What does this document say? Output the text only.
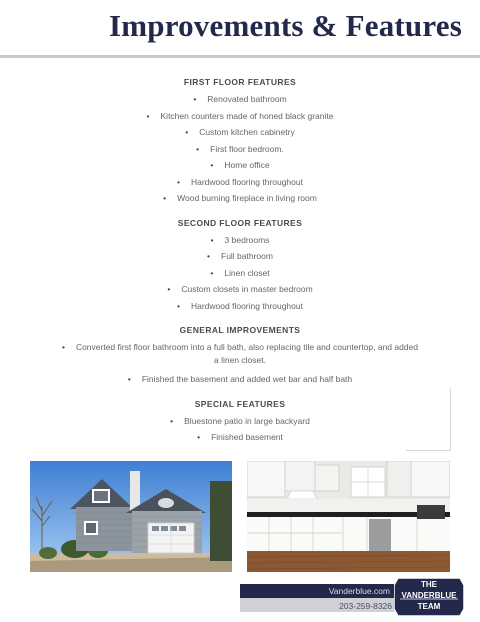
Improvements & Features

FIRST FLOOR FEATURES

• Renovated bathroom
• Kitchen counters made of honed black granite
• Custom kitchen cabinetry
• First floor bedroom.
• Home office
• Hardwood flooring throughout
• Wood burning fireplace in living room

SECOND FLOOR FEATURES

• 3 bedrooms
• Full bathroom
• Linen closet
• Custom closets in master bedroom
• Hardwood flooring throughout

GENERAL IMPROVEMENTS

• Converted first floor bathroom into a full bath, also replacing tile and countertop, and added a linen closet.
• Finished the basement and added wet bar and half bath

SPECIAL FEATURES

• Bluestone patio in large backyard
• Finished basement
Vanderblue.com
203-259-8326
THE
VANDERBLUE
TEAM
